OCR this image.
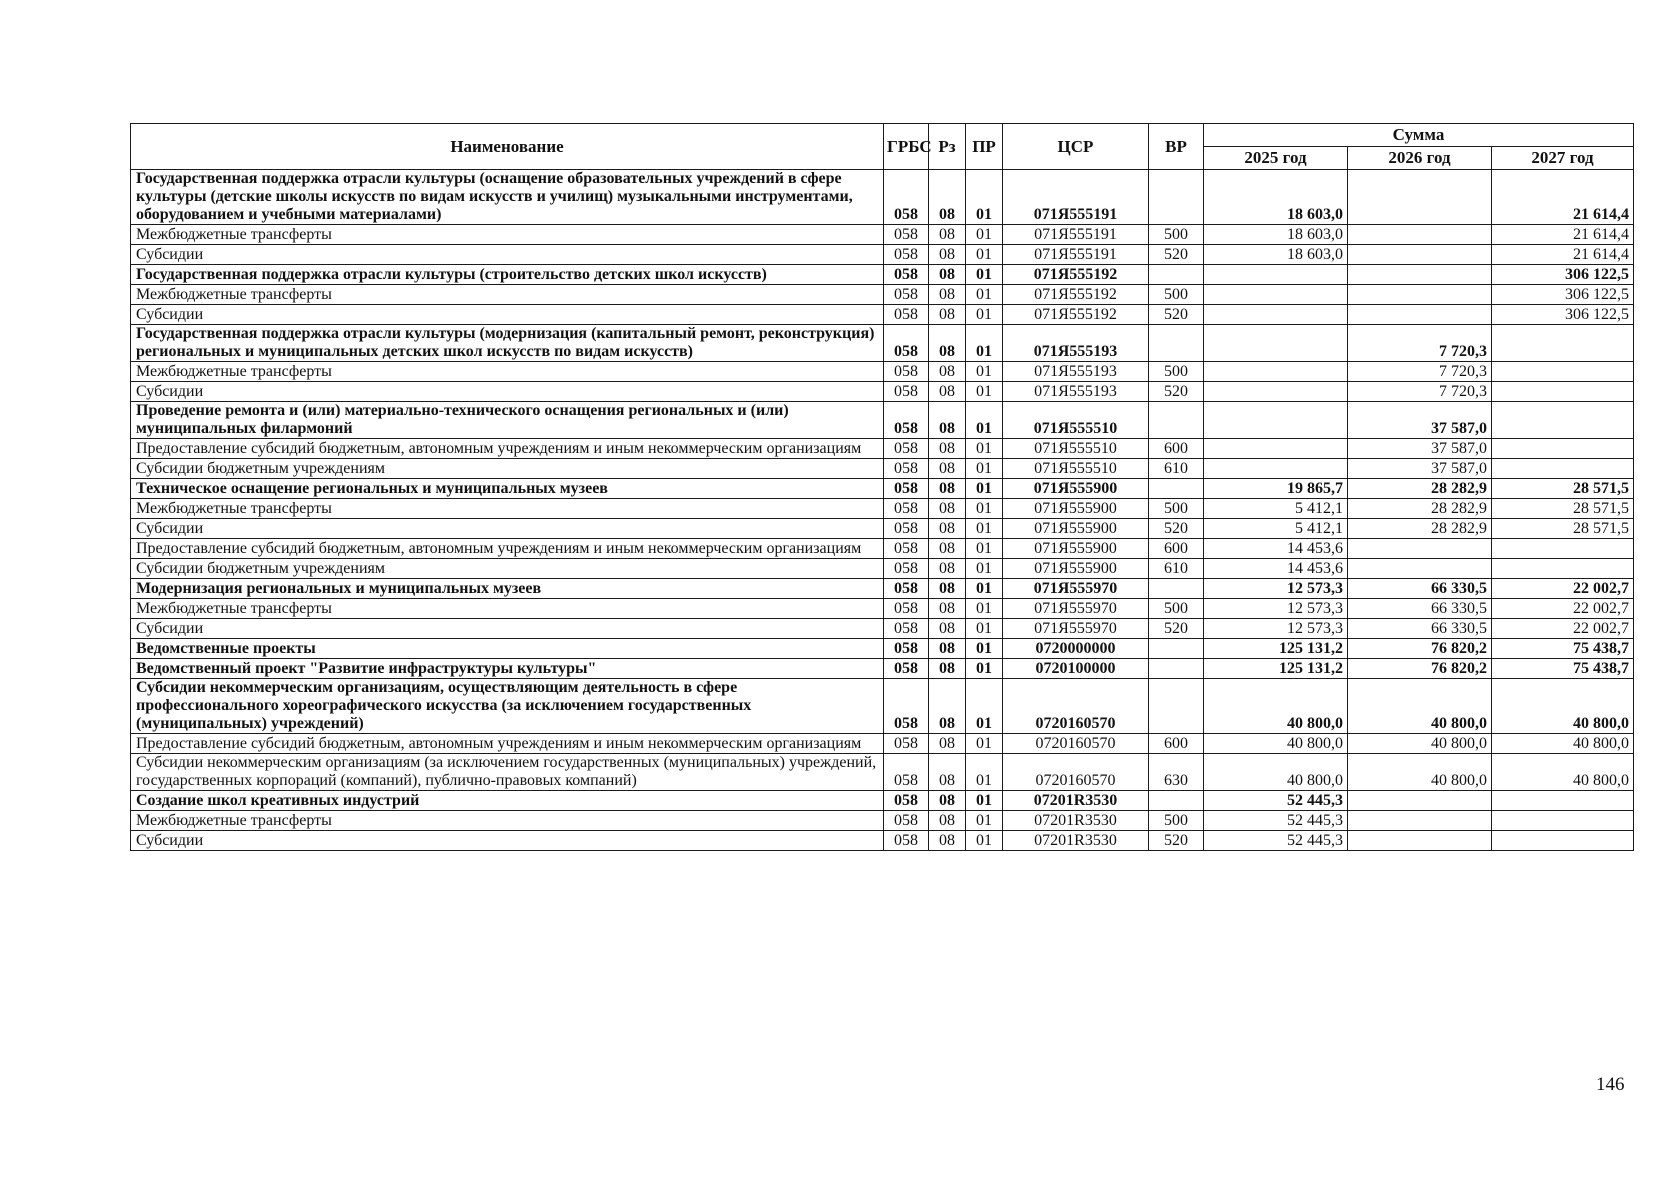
Наименование	ГРБС	Рз	ПР	ЦСР	ВР	Сумма		
						2025 год	2026 год	2027 год
Государственная поддержка отрасли культуры (оснащение образовательных учреждений в сфере культуры (детские школы искусств по видам искусств и училищ) музыкальными инструментами, оборудованием и учебными материалами)	058	08	01	071Я555191		18 603,0		21 614,4
Межбюджетные трансферты	058	08	01	071Я555191	500	18 603,0		21 614,4
Субсидии	058	08	01	071Я555191	520	18 603,0		21 614,4
Государственная поддержка отрасли культуры (строительство детских школ искусств)	058	08	01	071Я555192				306 122,5
Межбюджетные трансферты	058	08	01	071Я555192	500			306 122,5
Субсидии	058	08	01	071Я555192	520			306 122,5
Государственная поддержка отрасли культуры (модернизация (капитальный ремонт, реконструкция) региональных и муниципальных детских школ искусств по видам искусств)	058	08	01	071Я555193			7 720,3	
Межбюджетные трансферты	058	08	01	071Я555193	500		7 720,3	
Субсидии	058	08	01	071Я555193	520		7 720,3	
Проведение ремонта и (или) материально-технического оснащения региональных и (или) муниципальных филармоний	058	08	01	071Я555510			37 587,0	
Предоставление субсидий бюджетным, автономным учреждениям и иным некоммерческим организациям	058	08	01	071Я555510	600		37 587,0	
Субсидии бюджетным учреждениям	058	08	01	071Я555510	610		37 587,0	
Техническое оснащение региональных и муниципальных музеев	058	08	01	071Я555900		19 865,7	28 282,9	28 571,5
Межбюджетные трансферты	058	08	01	071Я555900	500	5 412,1	28 282,9	28 571,5
Субсидии	058	08	01	071Я555900	520	5 412,1	28 282,9	28 571,5
Предоставление субсидий бюджетным, автономным учреждениям и иным некоммерческим организациям	058	08	01	071Я555900	600	14 453,6		
Субсидии бюджетным учреждениям	058	08	01	071Я555900	610	14 453,6		
Модернизация региональных и муниципальных музеев	058	08	01	071Я555970		12 573,3	66 330,5	22 002,7
Межбюджетные трансферты	058	08	01	071Я555970	500	12 573,3	66 330,5	22 002,7
Субсидии	058	08	01	071Я555970	520	12 573,3	66 330,5	22 002,7
Ведомственные проекты	058	08	01	0720000000		125 131,2	76 820,2	75 438,7
Ведомственный проект "Развитие инфраструктуры культуры"	058	08	01	0720100000		125 131,2	76 820,2	75 438,7
Субсидии некоммерческим организациям, осуществляющим деятельность в сфере профессионального хореографического искусства (за исключением государственных (муниципальных) учреждений)	058	08	01	0720160570		40 800,0	40 800,0	40 800,0
Предоставление субсидий бюджетным, автономным учреждениям и иным некоммерческим организациям	058	08	01	0720160570	600	40 800,0	40 800,0	40 800,0
Субсидии некоммерческим организациям (за исключением государственных (муниципальных) учреждений, государственных корпораций (компаний), публично-правовых компаний)	058	08	01	0720160570	630	40 800,0	40 800,0	40 800,0
Создание школ креативных индустрий	058	08	01	07201R3530		52 445,3		
Межбюджетные трансферты	058	08	01	07201R3530	500	52 445,3		
Субсидии	058	08	01	07201R3530	520	52 445,3		
146
